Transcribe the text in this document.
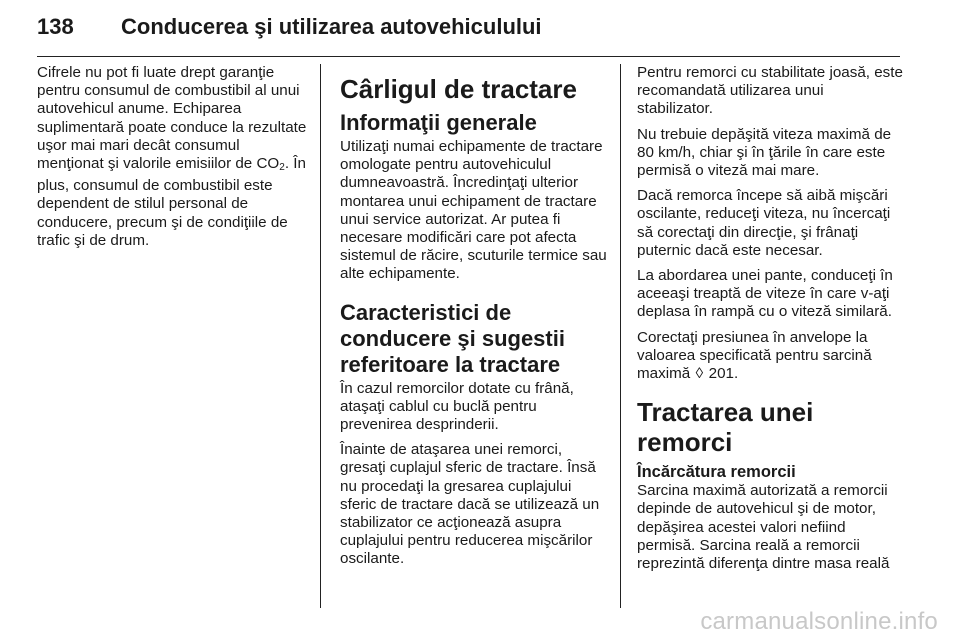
138 Conducerea şi utilizarea autovehiculului

Cifrele nu pot fi luate drept garanţie pentru consumul de combustibil al unui autovehicul anume. Echiparea suplimentară poate conduce la rezultate uşor mai mari decât consumul menţionat şi valorile emisiilor de $CO_2$. În plus, consumul de combustibil este dependent de stilul personal de conducere, precum şi de condiţiile de trafic şi de drum.

Cârligul de tractare
Informaţii generale

Utilizaţi numai echipamente de tractare omologate pentru autovehiculul dumneavoastră. Încredinţaţi ulterior montarea unui echipament de tractare unui service autorizat. Ar putea fi necesare modificări care pot afecta sistemul de răcire, scuturile termice sau alte echipamente.

Caracteristici de conducere şi sugestii referitoare la tractare

În cazul remorcilor dotate cu frână, ataşaţi cablul cu buclă pentru prevenirea desprinderii.

Înainte de ataşarea unei remorci, gresaţi cuplajul sferic de tractare. Însă nu procedaţi la gresarea cuplajului sferic de tractare dacă se utilizează un stabilizator ce acţionează asupra cuplajului pentru reducerea mişcărilor oscilante.

Pentru remorci cu stabilitate joasă, este recomandată utilizarea unui stabilizator.

Nu trebuie depăşită viteza maximă de 80 km/h, chiar şi în ţările în care este permisă o viteză mai mare.

Dacă remorca începe să aibă mişcări oscilante, reduceţi viteza, nu încercaţi să corectaţi din direcţie, şi frânaţi puternic dacă este necesar.

La abordarea unei pante, conduceţi în aceeaşi treaptă de viteze în care v-aţi deplasa în rampă cu o viteză similară.

Corectaţi presiunea în anvelope la valoarea specificată pentru sarcină maximă ◊ 201.

Tractarea unei remorci
Încărcătura remorcii

Sarcina maximă autorizată a remorcii depinde de autovehicul şi de motor, depăşirea acestei valori nefiind permisă. Sarcina reală a remorcii reprezintă diferenţa dintre masa reală

carmanualsonline.info
